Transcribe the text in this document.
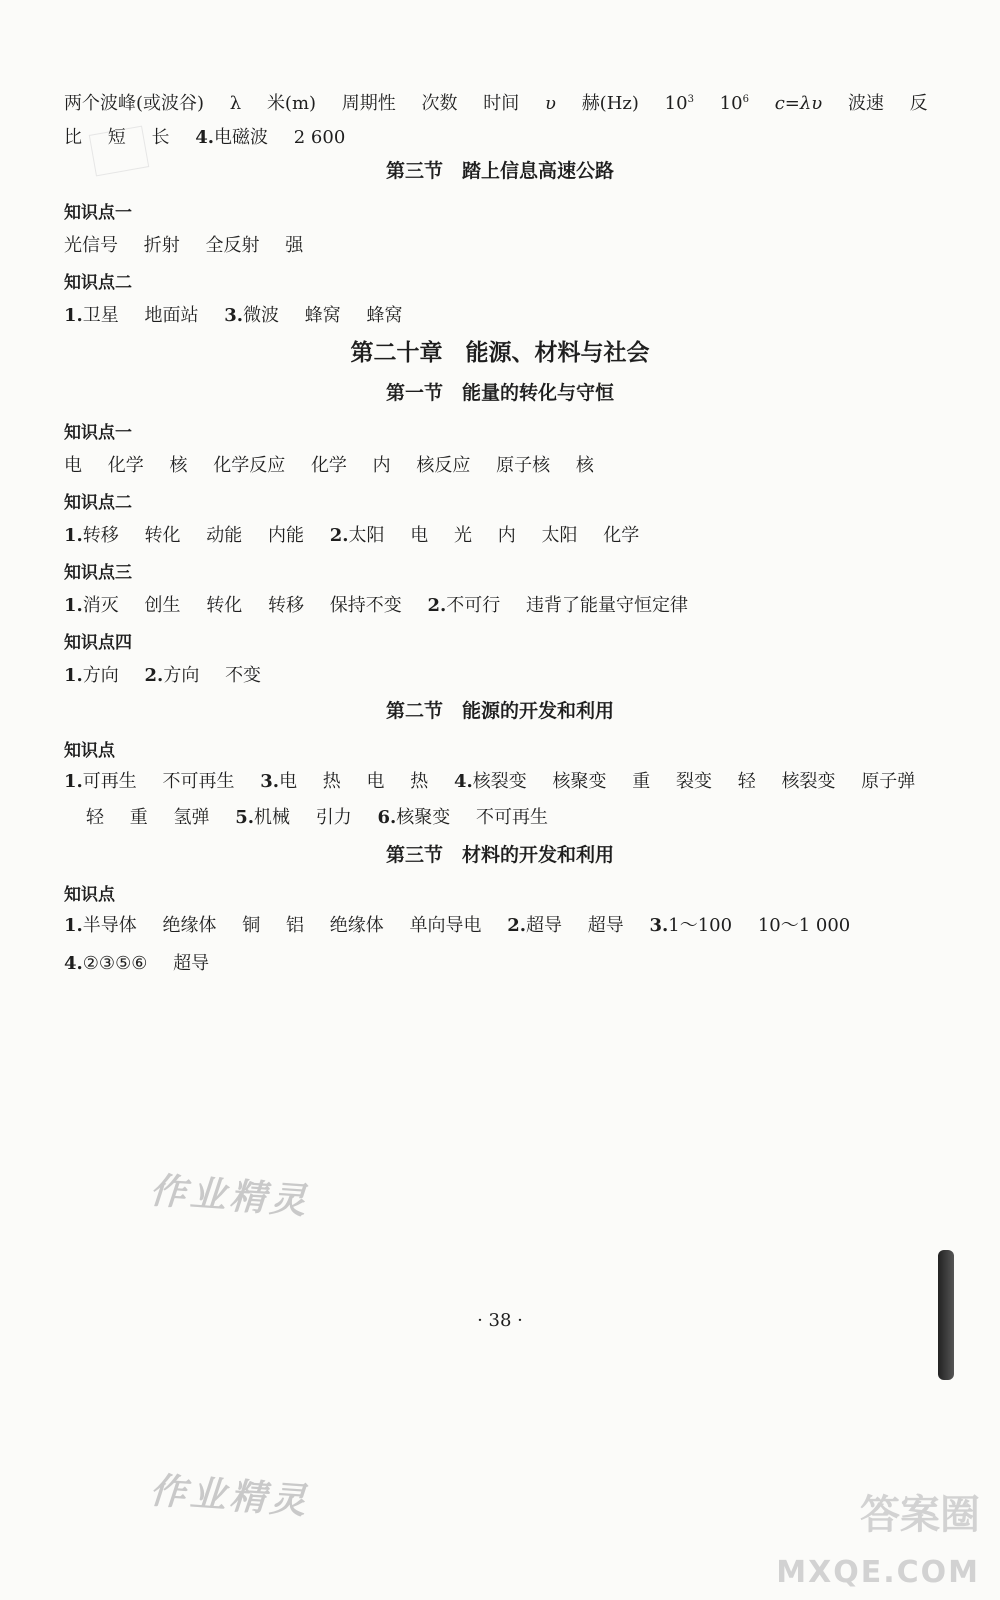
两个波峰(或波谷) λ 米(m) 周期性 次数 时间 υ 赫(Hz) $10^3$ $10^6$ c=λυ 波速 反
比 短 长 4.电磁波 2 600
第三节　踏上信息高速公路
知识点一
光信号 折射 全反射 强
知识点二
1.卫星 地面站 3.微波 蜂窝 蜂窝
第二十章　能源、材料与社会
第一节　能量的转化与守恒
知识点一
电 化学 核 化学反应 化学 内 核反应 原子核 核
知识点二
1.转移 转化 动能 内能 2.太阳 电 光 内 太阳 化学
知识点三
1.消灭 创生 转化 转移 保持不变 2.不可行 违背了能量守恒定律
知识点四
1.方向 2.方向 不变
第二节　能源的开发和利用
知识点
1.可再生 不可再生 3.电 热 电 热 4.核裂变 核聚变 重 裂变 轻 核裂变 原子弹
轻 重 氢弹 5.机械 引力 6.核聚变 不可再生
第三节　材料的开发和利用
知识点
1.半导体 绝缘体 铜 铝 绝缘体 单向导电 2.超导 超导 3.1～100 10～1 000
4.②③⑤⑥ 超导
作业精灵
作业精灵
· 38 ·
答案圈
MXQE.COM
